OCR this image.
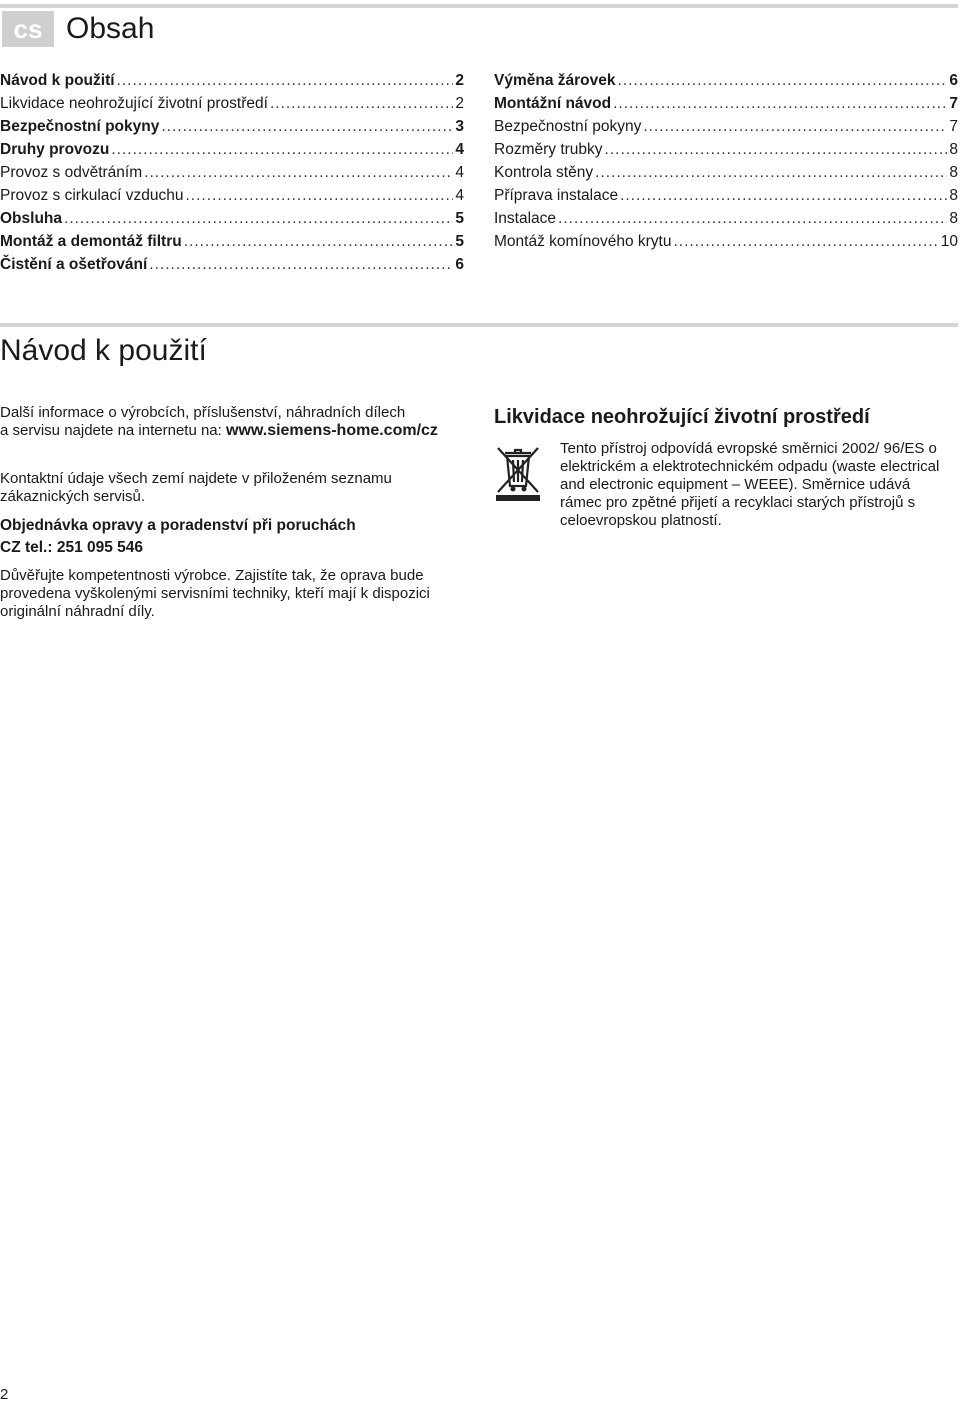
cs Obsah
Návod k použití .....	2
Likvidace neohrožující životní prostředí .....	2
Bezpečnostní pokyny .....	3
Druhy provozu .....	4
Provoz s odvětráním .....	4
Provoz s cirkulací vzduchu .....	4
Obsluha .....	5
Montáž a demontáž filtru .....	5
Čistění a ošetřování .....	6
Výměna žárovek .....	6
Montážní návod .....	7
Bezpečnostní pokyny .....	7
Rozměry trubky .....	8
Kontrola stěny .....	8
Příprava instalace .....	8
Instalace .....	8
Montáž komínového krytu .....	10
Návod k použití

Další informace o výrobcích, příslušenství, náhradních dílech
a servisu najdete na internetu na: www.siemens-home.com/cz

Kontaktní údaje všech zemí najdete v přiloženém seznamu zákaznických servisů.

Objednávka opravy a poradenství při poruchách

CZ tel.: 251 095 546

Důvěřujte kompetentnosti výrobce. Zajistíte tak, že oprava bude provedena vyškolenými servisními techniky, kteří mají k dispozici originální náhradní díly.

Likvidace neohrožující životní prostředí

Tento přístroj odpovídá evropské směrnici 2002/ 96/ES o elektrickém a elektrotechnickém odpadu (waste electrical and electronic equipment – WEEE). Směrnice udává rámec pro zpětné přijetí a recyklaci starých přístrojů s celoevropskou platností.

2
